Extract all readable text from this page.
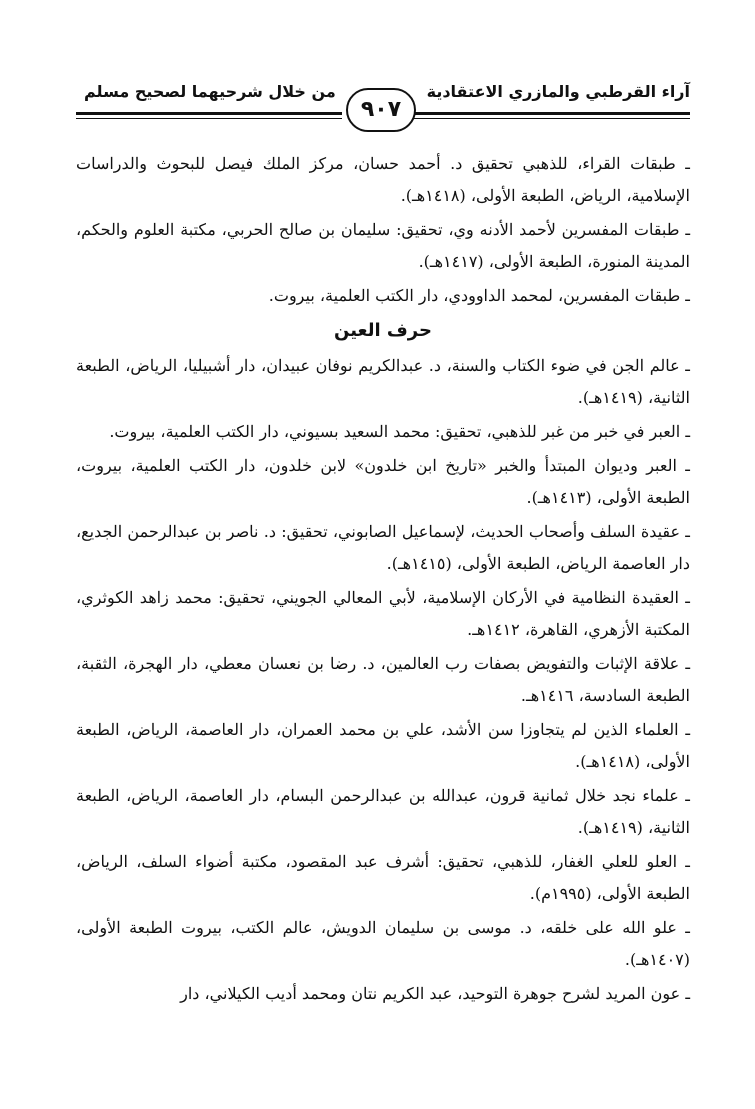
آراء القرطبي والمازري الاعتقادية
من خلال شرحيهما لصحيح مسلم
٩٠٧

ـ طبقات القراء، للذهبي تحقيق د. أحمد حسان، مركز الملك فيصل للبحوث والدراسات الإسلامية، الرياض، الطبعة الأولى، (١٤١٨هـ).

ـ طبقات المفسرين لأحمد الأدنه وي، تحقيق: سليمان بن صالح الحربي، مكتبة العلوم والحكم، المدينة المنورة، الطبعة الأولى، (١٤١٧هـ).

ـ طبقات المفسرين، لمحمد الداوودي، دار الكتب العلمية، بيروت.

حرف العين

ـ عالم الجن في ضوء الكتاب والسنة، د. عبدالكريم نوفان عبيدان، دار أشبيليا، الرياض، الطبعة الثانية، (١٤١٩هـ).

ـ العبر في خبر من غبر للذهبي، تحقيق: محمد السعيد بسيوني، دار الكتب العلمية، بيروت.

ـ العبر وديوان المبتدأ والخبر «تاريخ ابن خلدون» لابن خلدون، دار الكتب العلمية، بيروت، الطبعة الأولى، (١٤١٣هـ).

ـ عقيدة السلف وأصحاب الحديث، لإسماعيل الصابوني، تحقيق: د. ناصر بن عبدالرحمن الجديع، دار العاصمة الرياض، الطبعة الأولى، (١٤١٥هـ).

ـ العقيدة النظامية في الأركان الإسلامية، لأبي المعالي الجويني، تحقيق: محمد زاهد الكوثري، المكتبة الأزهري، القاهرة، ١٤١٢هـ.

ـ علاقة الإثبات والتفويض بصفات رب العالمين، د. رضا بن نعسان معطي، دار الهجرة، الثقبة، الطبعة السادسة، ١٤١٦هـ.

ـ العلماء الذين لم يتجاوزا سن الأشد، علي بن محمد العمران، دار العاصمة، الرياض، الطبعة الأولى، (١٤١٨هـ).

ـ علماء نجد خلال ثمانية قرون، عبدالله بن عبدالرحمن البسام، دار العاصمة، الرياض، الطبعة الثانية، (١٤١٩هـ).

ـ العلو للعلي الغفار، للذهبي، تحقيق: أشرف عبد المقصود، مكتبة أضواء السلف، الرياض، الطبعة الأولى، (١٩٩٥م).

ـ علو الله على خلقه، د. موسى بن سليمان الدويش، عالم الكتب، بيروت الطبعة الأولى، (١٤٠٧هـ).

ـ عون المريد لشرح جوهرة التوحيد، عبد الكريم نتان ومحمد أديب الكيلاني، دار
